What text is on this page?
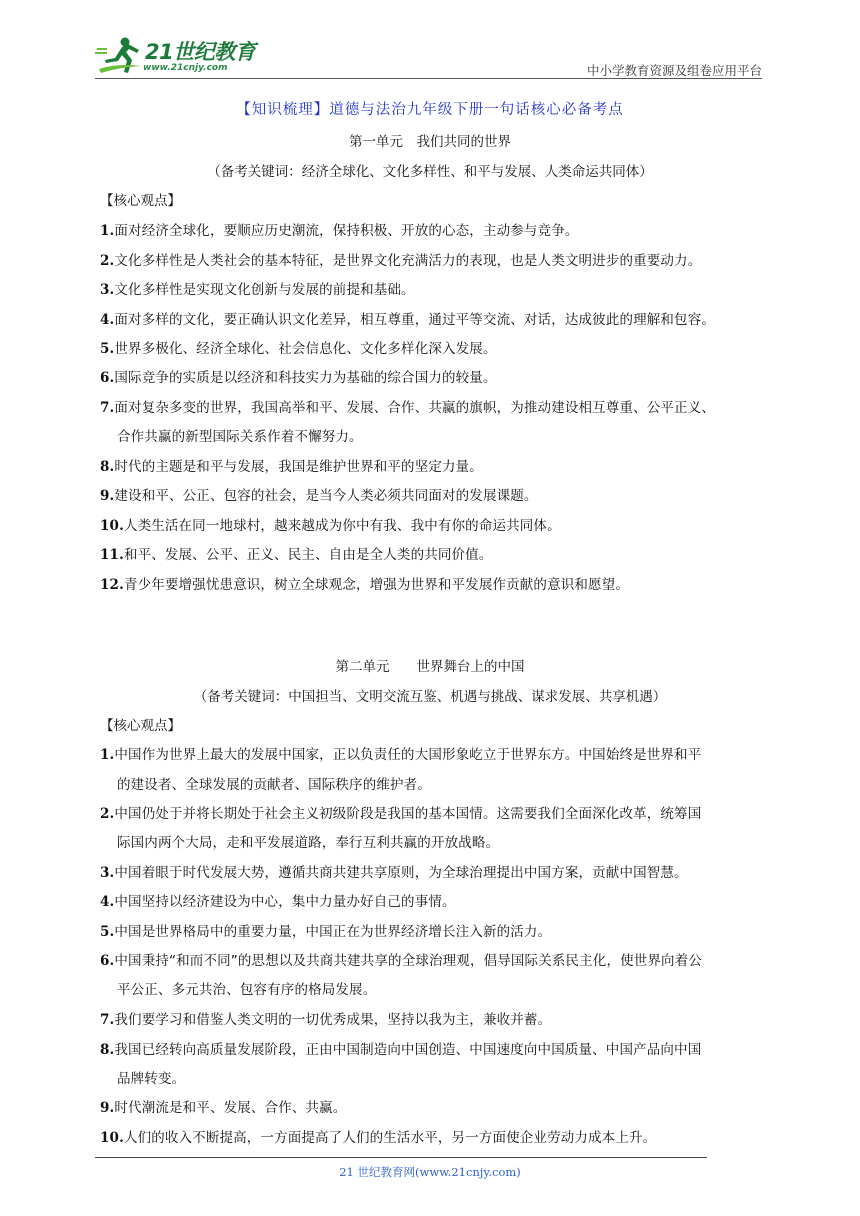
21世纪教育
www.21cnjy.com	中小学教育资源及组卷应用平台
【知识梳理】道德与法治九年级下册一句话核心必备考点
第一单元　我们共同的世界
（备考关键词：经济全球化、文化多样性、和平与发展、人类命运共同体）
【核心观点】
1.面对经济全球化，要顺应历史潮流，保持积极、开放的心态，主动参与竞争。
2.文化多样性是人类社会的基本特征，是世界文化充满活力的表现，也是人类文明进步的重要动力。
3.文化多样性是实现文化创新与发展的前提和基础。
4.面对多样的文化，要正确认识文化差异，相互尊重，通过平等交流、对话，达成彼此的理解和包容。
5.世界多极化、经济全球化、社会信息化、文化多样化深入发展。
6.国际竞争的实质是以经济和科技实力为基础的综合国力的较量。
7.面对复杂多变的世界，我国高举和平、发展、合作、共赢的旗帜，为推动建设相互尊重、公平正义、
合作共赢的新型国际关系作着不懈努力。
8.时代的主题是和平与发展，我国是维护世界和平的坚定力量。
9.建设和平、公正、包容的社会，是当今人类必须共同面对的发展课题。
10.人类生活在同一地球村，越来越成为你中有我、我中有你的命运共同体。
11.和平、发展、公平、正义、民主、自由是全人类的共同价值。
12.青少年要增强忧患意识，树立全球观念，增强为世界和平发展作贡献的意识和愿望。
第二单元　　世界舞台上的中国
（备考关键词：中国担当、文明交流互鉴、机遇与挑战、谋求发展、共享机遇）
【核心观点】
1.中国作为世界上最大的发展中国家，正以负责任的大国形象屹立于世界东方。中国始终是世界和平
的建设者、全球发展的贡献者、国际秩序的维护者。
2.中国仍处于并将长期处于社会主义初级阶段是我国的基本国情。这需要我们全面深化改革，统筹国
际国内两个大局，走和平发展道路，奉行互利共赢的开放战略。
3.中国着眼于时代发展大势，遵循共商共建共享原则，为全球治理提出中国方案，贡献中国智慧。
4.中国坚持以经济建设为中心，集中力量办好自己的事情。
5.中国是世界格局中的重要力量，中国正在为世界经济增长注入新的活力。
6.中国秉持“和而不同”的思想以及共商共建共享的全球治理观，倡导国际关系民主化，使世界向着公
平公正、多元共治、包容有序的格局发展。
7.我们要学习和借鉴人类文明的一切优秀成果，坚持以我为主，兼收并蓄。
8.我国已经转向高质量发展阶段，正由中国制造向中国创造、中国速度向中国质量、中国产品向中国
品牌转变。
9.时代潮流是和平、发展、合作、共赢。
10.人们的收入不断提高，一方面提高了人们的生活水平，另一方面使企业劳动力成本上升。
21 世纪教育网(www.21cnjy.com)
